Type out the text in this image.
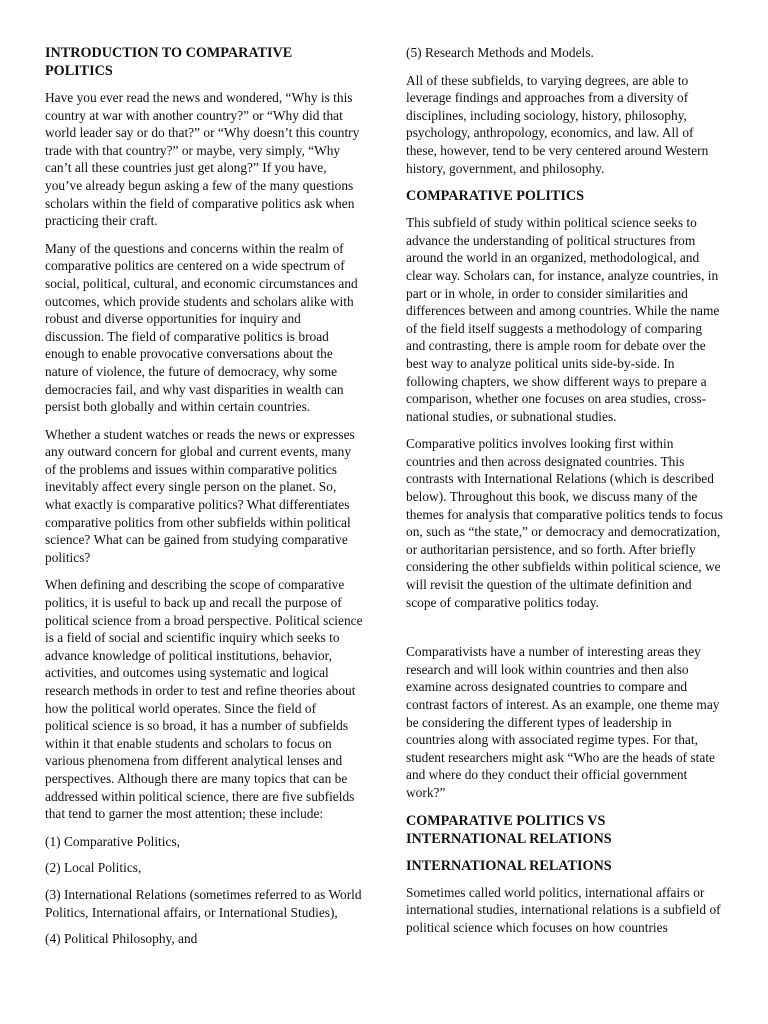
INTRODUCTION TO COMPARATIVE POLITICS

Have you ever read the news and wondered, “Why is this country at war with another country?” or “Why did that world leader say or do that?” or “Why doesn’t this country trade with that country?” or maybe, very simply, “Why can’t all these countries just get along?” If you have, you’ve already begun asking a few of the many questions scholars within the field of comparative politics ask when practicing their craft.

Many of the questions and concerns within the realm of comparative politics are centered on a wide spectrum of social, political, cultural, and economic circumstances and outcomes, which provide students and scholars alike with robust and diverse opportunities for inquiry and discussion. The field of comparative politics is broad enough to enable provocative conversations about the nature of violence, the future of democracy, why some democracies fail, and why vast disparities in wealth can persist both globally and within certain countries.

Whether a student watches or reads the news or expresses any outward concern for global and current events, many of the problems and issues within comparative politics inevitably affect every single person on the planet. So, what exactly is comparative politics? What differentiates comparative politics from other subfields within political science? What can be gained from studying comparative politics?

When defining and describing the scope of comparative politics, it is useful to back up and recall the purpose of political science from a broad perspective. Political science is a field of social and scientific inquiry which seeks to advance knowledge of political institutions, behavior, activities, and outcomes using systematic and logical research methods in order to test and refine theories about how the political world operates. Since the field of political science is so broad, it has a number of subfields within it that enable students and scholars to focus on various phenomena from different analytical lenses and perspectives. Although there are many topics that can be addressed within political science, there are five subfields that tend to garner the most attention; these include:

(1) Comparative Politics,

(2) Local Politics,

(3) International Relations (sometimes referred to as World Politics, International affairs, or International Studies),

(4) Political Philosophy, and

(5) Research Methods and Models.

All of these subfields, to varying degrees, are able to leverage findings and approaches from a diversity of disciplines, including sociology, history, philosophy, psychology, anthropology, economics, and law. All of these, however, tend to be very centered around Western history, government, and philosophy.

COMPARATIVE POLITICS

This subfield of study within political science seeks to advance the understanding of political structures from around the world in an organized, methodological, and clear way. Scholars can, for instance, analyze countries, in part or in whole, in order to consider similarities and differences between and among countries. While the name of the field itself suggests a methodology of comparing and contrasting, there is ample room for debate over the best way to analyze political units side-by-side. In following chapters, we show different ways to prepare a comparison, whether one focuses on area studies, cross-national studies, or subnational studies.

Comparative politics involves looking first within countries and then across designated countries. This contrasts with International Relations (which is described below). Throughout this book, we discuss many of the themes for analysis that comparative politics tends to focus on, such as “the state,” or democracy and democratization, or authoritarian persistence, and so forth. After briefly considering the other subfields within political science, we will revisit the question of the ultimate definition and scope of comparative politics today.

Comparativists have a number of interesting areas they research and will look within countries and then also examine across designated countries to compare and contrast factors of interest. As an example, one theme may be considering the different types of leadership in countries along with associated regime types. For that, student researchers might ask “Who are the heads of state and where do they conduct their official government work?”

COMPARATIVE POLITICS VS INTERNATIONAL RELATIONS
INTERNATIONAL RELATIONS

Sometimes called world politics, international affairs or international studies, international relations is a subfield of political science which focuses on how countries
